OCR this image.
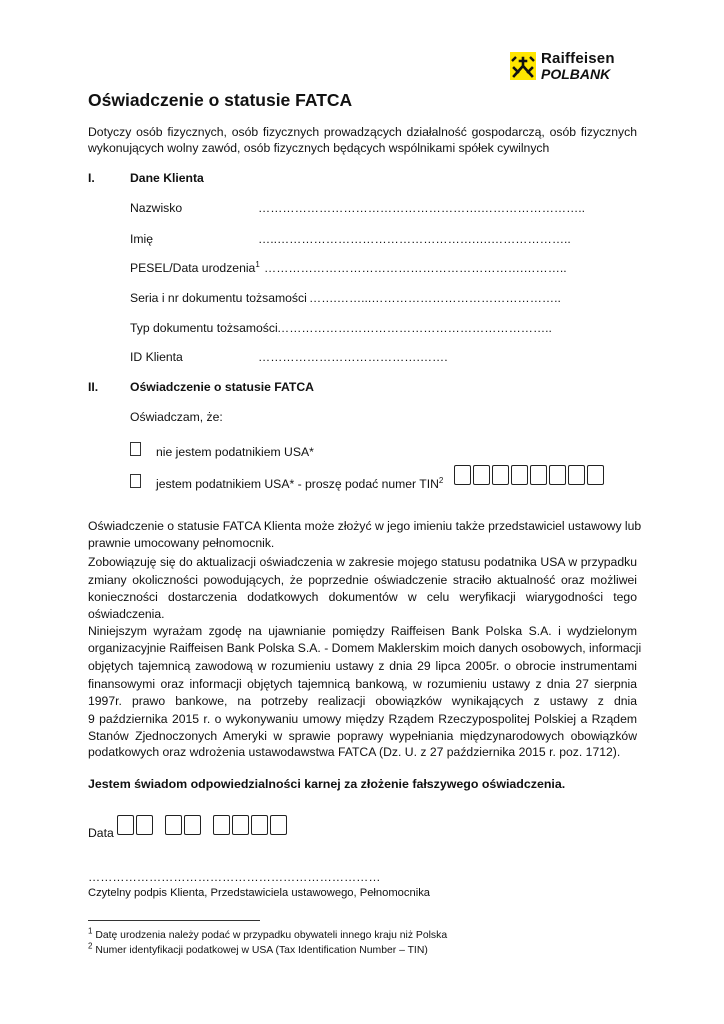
Raiffeisen
POLBANK
Oświadczenie o statusie FATCA
Dotyczy osób fizycznych, osób fizycznych prowadzących działalność gospodarczą, osób fizycznych
wykonujących wolny zawód, osób fizycznych będących wspólnikami spółek cywilnych
I.	Dane Klienta
Nazwisko	……………………………………………….……………………..
Imię	…..………………………………………….….………………..
PESEL/Data urodzenia$^1$ ……………………………………………………….………..
Seria i nr dokumentu tożsamości …….……...………………………………………..
Typ dokumentu tożsamości …………………………………………………………..
ID Klienta	………………………………….…….
II.	Oświadczenie o statusie FATCA
Oświadczam, że:
nie jestem podatnikiem USA*
jestem podatnikiem USA* - proszę podać numer TIN$^2$
Oświadczenie o statusie FATCA Klienta może złożyć w jego imieniu także przedstawiciel ustawowy lub
prawnie umocowany pełnomocnik.
Zobowiązuję się do aktualizacji oświadczenia w zakresie mojego statusu podatnika USA w przypadku
zmiany okoliczności powodujących, że poprzednie oświadczenie straciło aktualność oraz możliwei
konieczności dostarczenia dodatkowych dokumentów w celu weryfikacji wiarygodności tego
oświadczenia.
Niniejszym wyrażam zgodę na ujawnianie pomiędzy Raiffeisen Bank Polska S.A. i wydzielonym
organizacyjnie Raiffeisen Bank Polska S.A. - Domem Maklerskim moich danych osobowych, informacji
objętych tajemnicą zawodową w rozumieniu ustawy z dnia 29 lipca 2005r. o obrocie instrumentami
finansowymi oraz informacji objętych tajemnicą bankową, w rozumieniu ustawy z dnia 27 sierpnia
1997r. prawo bankowe, na potrzeby realizacji obowiązków wynikających z ustawy z dnia
9 października 2015 r. o wykonywaniu umowy między Rządem Rzeczypospolitej Polskiej a Rządem
Stanów Zjednoczonych Ameryki w sprawie poprawy wypełniania międzynarodowych obowiązków
podatkowych oraz wdrożenia ustawodawstwa FATCA (Dz. U. z 27 października 2015 r. poz. 1712).
Jestem świadom odpowiedzialności karnej za złożenie fałszywego oświadczenia.
Data
………………………………………………………………
Czytelny podpis Klienta, Przedstawiciela ustawowego, Pełnomocnika
$^1$ Datę urodzenia należy podać w przypadku obywateli innego kraju niż Polska
$^2$ Numer identyfikacji podatkowej w USA (Tax Identification Number – TIN)
